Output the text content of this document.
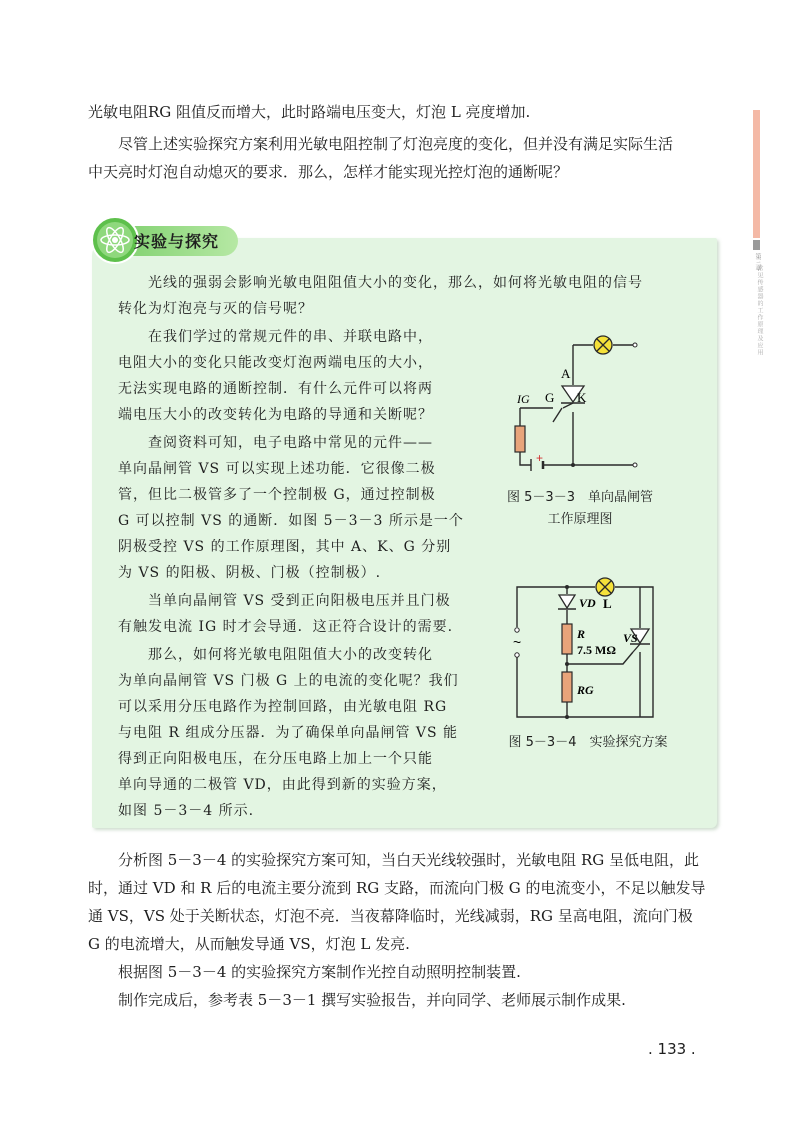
第三章
常见传感器的工作原理及应用

光敏电阻RG 阻值反而增大，此时路端电压变大，灯泡 L 亮度增加.

尽管上述实验探究方案利用光敏电阻控制了灯泡亮度的变化，但并没有满足实际生活

中天亮时灯泡自动熄灭的要求．那么，怎样才能实现光控灯泡的通断呢？

实验与探究

光线的强弱会影响光敏电阻阻值大小的变化，那么，如何将光敏电阻的信号

转化为灯泡亮与灭的信号呢？

在我们学过的常规元件的串、并联电路中，

电阻大小的变化只能改变灯泡两端电压的大小，

无法实现电路的通断控制．有什么元件可以将两

端电压大小的改变转化为电路的导通和关断呢？

查阅资料可知，电子电路中常见的元件——

单向晶闸管 VS 可以实现上述功能．它很像二极

管，但比二极管多了一个控制极 G，通过控制极

G 可以控制 VS 的通断．如图 5－3－3 所示是一个

阴极受控 VS 的工作原理图，其中 A、K、G 分别

为 VS 的阳极、阴极、门极（控制极）.

当单向晶闸管 VS 受到正向阳极电压并且门极

有触发电流 IG 时才会导通．这正符合设计的需要.

那么，如何将光敏电阻阻值大小的改变转化

为单向晶闸管 VS 门极 G 上的电流的变化呢？我们

可以采用分压电路作为控制回路，由光敏电阻 RG

与电阻 R 组成分压器．为了确保单向晶闸管 VS 能

得到正向阳极电压，在分压电路上加上一个只能

单向导通的二极管 VD，由此得到新的实验方案，

如图 5－3－4 所示.

+
A
G K
IG
图 5－3－3　单向晶闸管
工作原理图
~
L
VD
R
7.5 MΩ
VS
RG
图 5－3－4　实验探究方案

分析图 5－3－4 的实验探究方案可知，当白天光线较强时，光敏电阻 RG 呈低电阻，此

时，通过 VD 和 R 后的电流主要分流到 RG 支路，而流向门极 G 的电流变小，不足以触发导

通 VS，VS 处于关断状态，灯泡不亮．当夜幕降临时，光线减弱，RG 呈高电阻，流向门极

G 的电流增大，从而触发导通 VS，灯泡 L 发亮.

根据图 5－3－4 的实验探究方案制作光控自动照明控制装置.

制作完成后，参考表 5－3－1 撰写实验报告，并向同学、老师展示制作成果.

. 133 .
